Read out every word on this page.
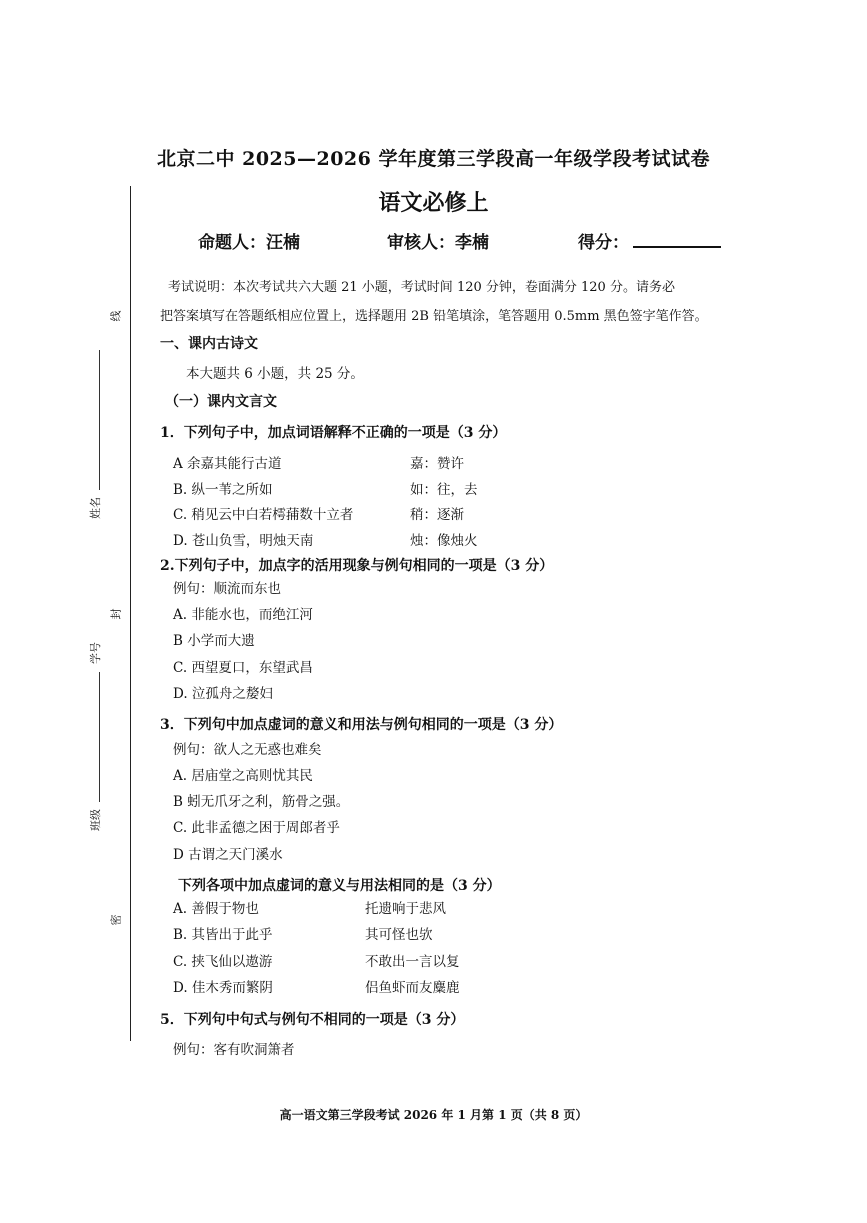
北京二中 2025—2026 学年度第三学段高一年级学段考试试卷
语文必修上
命题人：汪楠	审核人：李楠	得分：
考试说明：本次考试共六大题 21 小题，考试时间 120 分钟，卷面满分 120 分。请务必
把答案填写在答题纸相应位置上，选择题用 2B 铅笔填涂，笔答题用 0.5mm 黑色签字笔作答。
线
姓名
封
学号
班级
密
一、课内古诗文
本大题共 6 小题，共 25 分。
（一）课内文言文
1．下列句子中，加点词语解释不正确的一项是（3 分）
A 余嘉其能行古道	嘉：赞许
B. 纵一苇之所如	如：往，去
C. 稍见云中白若樗蒱数十立者	稍：逐渐
D. 苍山负雪，明烛天南	烛：像烛火
2.下列句子中，加点字的活用现象与例句相同的一项是（3 分）
例句：顺流而东也
A. 非能水也，而绝江河
B 小学而大遗
C. 西望夏口，东望武昌
D. 泣孤舟之嫠妇
3．下列句中加点虚词的意义和用法与例句相同的一项是（3 分）
例句：欲人之无惑也难矣
A. 居庙堂之高则忧其民
B 蚓无爪牙之利，筋骨之强。
C. 此非孟德之困于周郎者乎
D 古谓之天门溪水
下列各项中加点虚词的意义与用法相同的是（3 分）
A. 善假于物也	托遗响于悲风
B. 其皆出于此乎	其可怪也欤
C. 挟飞仙以遨游	不敢出一言以复
D. 佳木秀而繁阴	侣鱼虾而友麋鹿
5．下列句中句式与例句不相同的一项是（3 分）
例句：客有吹洞箫者
高一语文第三学段考试 2026 年 1 月第 1 页（共 8 页）
